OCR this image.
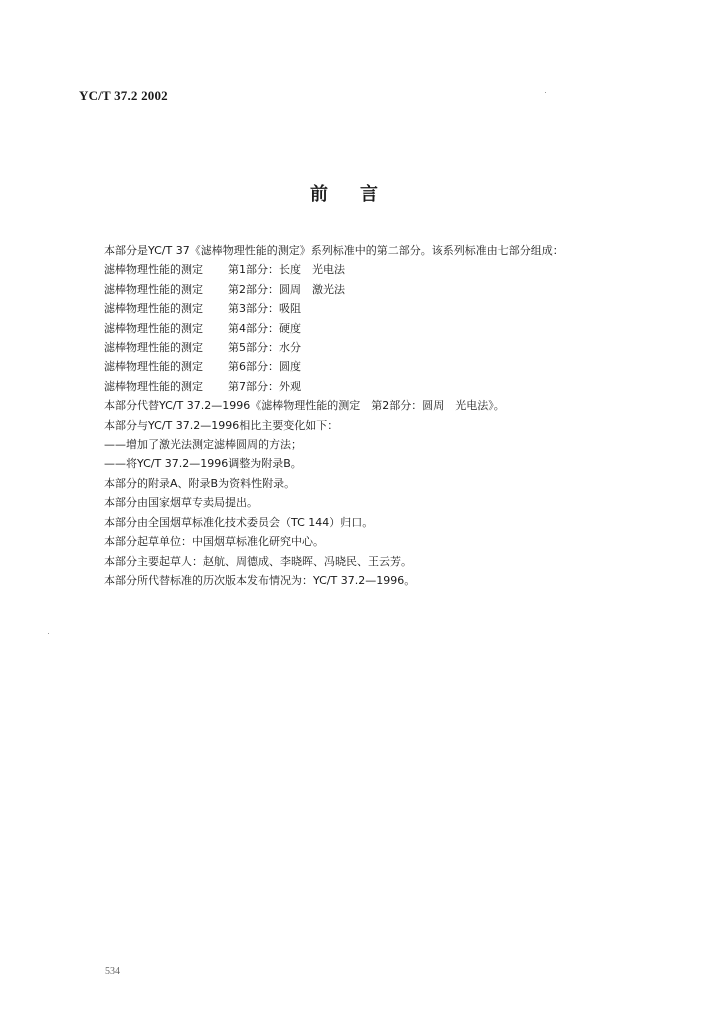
YC/T 37.2 2002
前言
本部分是YC/T 37《滤棒物理性能的测定》系列标准中的第二部分。该系列标准由七部分组成：
滤棒物理性能的测定 第1部分：长度　光电法
滤棒物理性能的测定 第2部分：圆周　激光法
滤棒物理性能的测定 第3部分：吸阻
滤棒物理性能的测定 第4部分：硬度
滤棒物理性能的测定 第5部分：水分
滤棒物理性能的测定 第6部分：圆度
滤棒物理性能的测定 第7部分：外观
本部分代替YC/T 37.2—1996《滤棒物理性能的测定　第2部分：圆周　光电法》。
本部分与YC/T 37.2—1996相比主要变化如下：
——增加了激光法测定滤棒圆周的方法；
——将YC/T 37.2—1996调整为附录B。
本部分的附录A、附录B为资料性附录。
本部分由国家烟草专卖局提出。
本部分由全国烟草标准化技术委员会（TC 144）归口。
本部分起草单位：中国烟草标准化研究中心。
本部分主要起草人：赵航、周德成、李晓晖、冯晓民、王云芳。
本部分所代替标准的历次版本发布情况为：YC/T 37.2—1996。
534
